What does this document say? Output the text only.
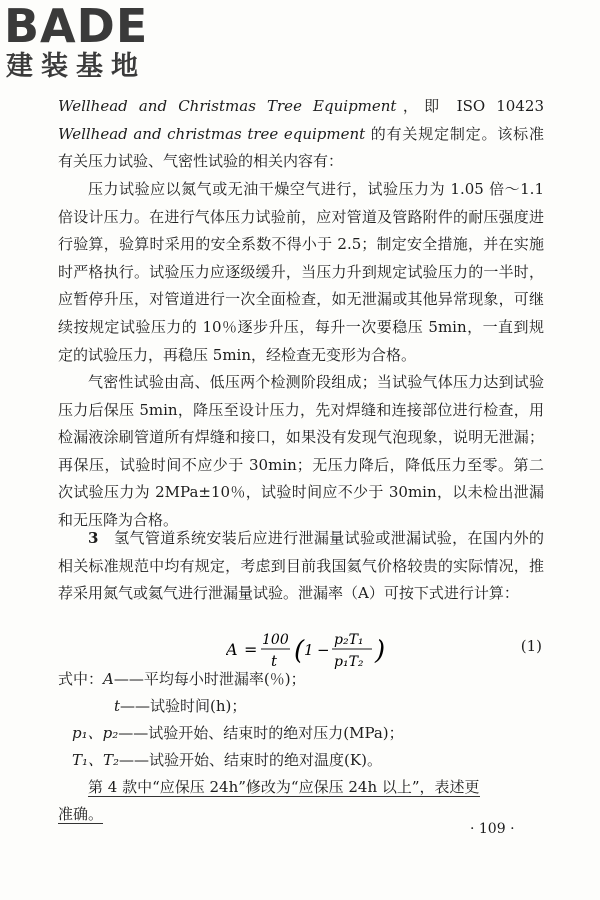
BADE
建装基地

Wellhead and Christmas Tree Equipment，即 ISO 10423 Wellhead and christmas tree equipment 的有关规定制定。该标准有关压力试验、气密性试验的相关内容有：

压力试验应以氮气或无油干燥空气进行，试验压力为 1.05 倍～1.1 倍设计压力。在进行气体压力试验前，应对管道及管路附件的耐压强度进行验算，验算时采用的安全系数不得小于 2.5；制定安全措施，并在实施时严格执行。试验压力应逐级缓升，当压力升到规定试验压力的一半时，应暂停升压，对管道进行一次全面检查，如无泄漏或其他异常现象，可继续按规定试验压力的 10％逐步升压，每升一次要稳压 5min，一直到规定的试验压力，再稳压 5min，经检查无变形为合格。

气密性试验由高、低压两个检测阶段组成；当试验气体压力达到试验压力后保压 5min，降压至设计压力，先对焊缝和连接部位进行检查，用检漏液涂刷管道所有焊缝和接口，如果没有发现气泡现象，说明无泄漏；再保压，试验时间不应少于 30min；无压力降后，降低压力至零。第二次试验压力为 2MPa±10％，试验时间应不少于 30min，以未检出泄漏和无压降为合格。

3　氢气管道系统安装后应进行泄漏量试验或泄漏试验，在国内外的相关标准规范中均有规定，考虑到目前我国氦气价格较贵的实际情况，推荐采用氮气或氦气进行泄漏量试验。泄漏率（A）可按下式进行计算：

A = 100
t ( 1 −
p₂T₁
p₁T₂ )	(1)
式中：A——平均每小时泄漏率(％)；
t——试验时间(h)；
p₁、p₂——试验开始、结束时的绝对压力(MPa)；
T₁、T₂——试验开始、结束时的绝对温度(K)。
第 4 款中“应保压 24h”修改为“应保压 24h 以上”，表述更
准确。
· 109 ·
